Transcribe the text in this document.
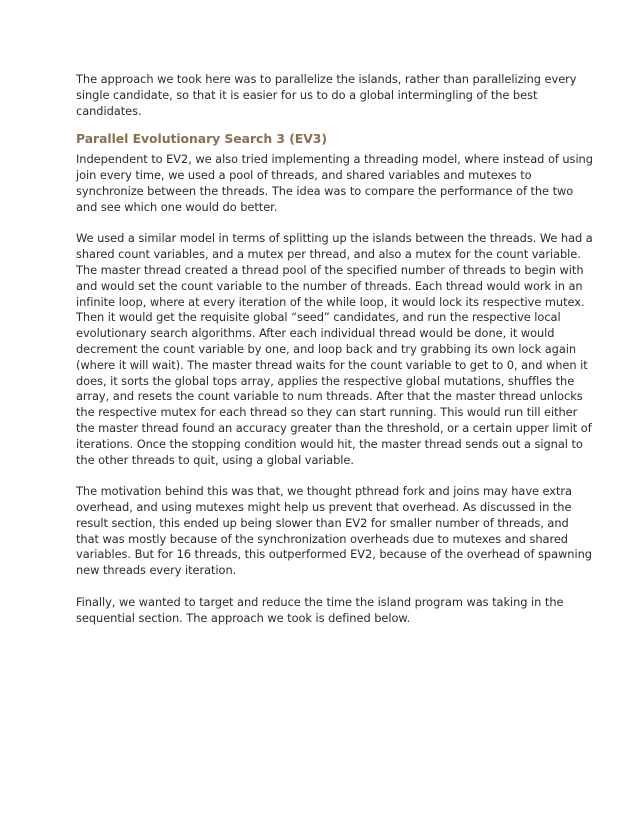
The approach we took here was to parallelize the islands, rather than parallelizing every single candidate, so that it is easier for us to do a global intermingling of the best candidates.

Parallel Evolutionary Search 3 (EV3)

Independent to EV2, we also tried implementing a threading model, where instead of using join every time, we used a pool of threads, and shared variables and mutexes to synchronize between the threads. The idea was to compare the performance of the two and see which one would do better.

We used a similar model in terms of splitting up the islands between the threads. We had a shared count variables, and a mutex per thread, and also a mutex for the count variable. The master thread created a thread pool of the specified number of threads to begin with and would set the count variable to the number of threads. Each thread would work in an infinite loop, where at every iteration of the while loop, it would lock its respective mutex. Then it would get the requisite global “seed” candidates, and run the respective local evolutionary search algorithms. After each individual thread would be done, it would decrement the count variable by one, and loop back and try grabbing its own lock again (where it will wait). The master thread waits for the count variable to get to 0, and when it does, it sorts the global tops array, applies the respective global mutations, shuffles the array, and resets the count variable to num threads. After that the master thread unlocks the respective mutex for each thread so they can start running. This would run till either the master thread found an accuracy greater than the threshold, or a certain upper limit of iterations. Once the stopping condition would hit, the master thread sends out a signal to the other threads to quit, using a global variable.

The motivation behind this was that, we thought pthread fork and joins may have extra overhead, and using mutexes might help us prevent that overhead. As discussed in the result section, this ended up being slower than EV2 for smaller number of threads, and that was mostly because of the synchronization overheads due to mutexes and shared variables. But for 16 threads, this outperformed EV2, because of the overhead of spawning new threads every iteration.

Finally, we wanted to target and reduce the time the island program was taking in the sequential section. The approach we took is defined below.
